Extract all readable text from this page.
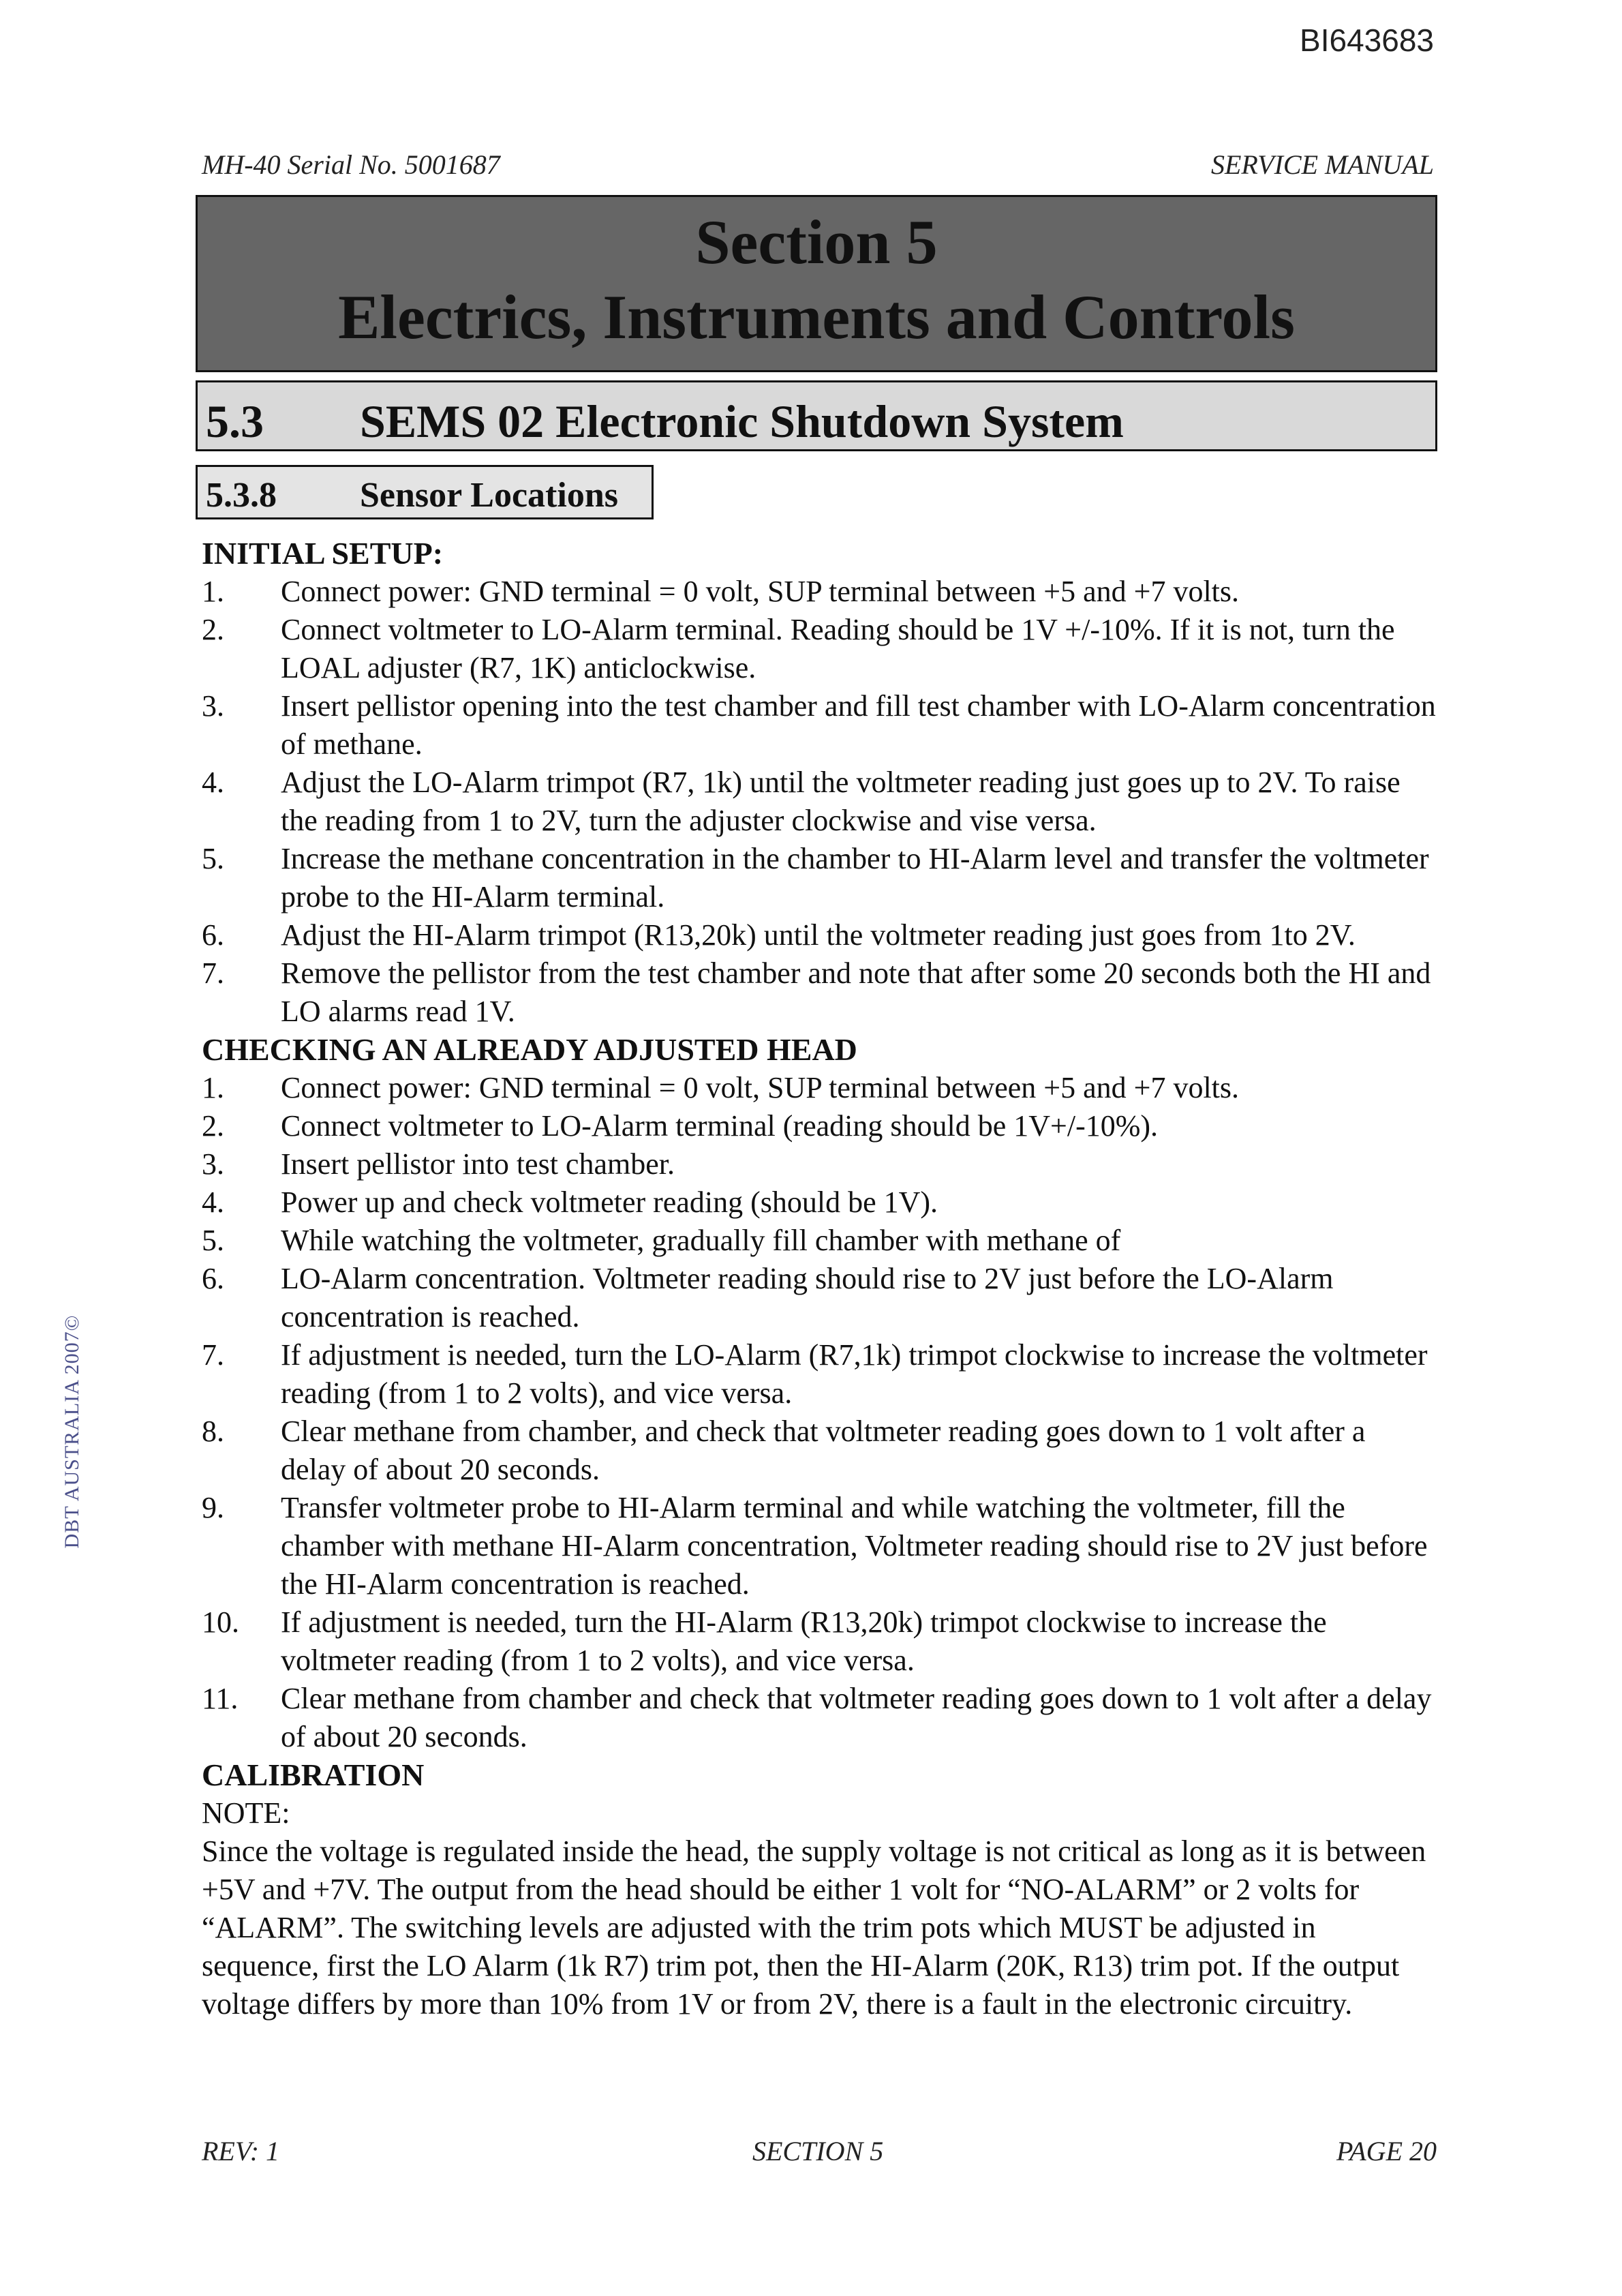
BI643683
MH-40 Serial No. 5001687	SERVICE MANUAL
Section 5
Electrics, Instruments and Controls
5.3 SEMS 02 Electronic Shutdown System
5.3.8 Sensor Locations
DBT AUSTRALIA 2007©
INITIAL SETUP:
1.	Connect power: GND terminal = 0 volt, SUP terminal between +5 and +7 volts.
2.	Connect voltmeter to LO-Alarm terminal. Reading should be 1V +/-10%. If it is not, turn the LOAL adjuster (R7, 1K) anticlockwise.
3.	Insert pellistor opening into the test chamber and fill test chamber with LO-Alarm concentration of methane.
4.	Adjust the LO-Alarm trimpot (R7, 1k) until the voltmeter reading just goes up to 2V. To raise the reading from 1 to 2V, turn the adjuster clockwise and vise versa.
5.	Increase the methane concentration in the chamber to HI-Alarm level and transfer the voltmeter probe to the HI-Alarm terminal.
6.	Adjust the HI-Alarm trimpot (R13,20k) until the voltmeter reading just goes from 1to 2V.
7.	Remove the pellistor from the test chamber and note that after some 20 seconds both the HI and LO alarms read 1V.
CHECKING AN ALREADY ADJUSTED HEAD
1.	Connect power: GND terminal = 0 volt, SUP terminal between +5 and +7 volts.
2.	Connect voltmeter to LO-Alarm terminal (reading should be 1V+/-10%).
3.	Insert pellistor into test chamber.
4.	Power up and check voltmeter reading (should be 1V).
5.	While watching the voltmeter, gradually fill chamber with methane of
6.	LO-Alarm concentration. Voltmeter reading should rise to 2V just before the LO-Alarm concentration is reached.
7.	If adjustment is needed, turn the LO-Alarm (R7,1k) trimpot clockwise to increase the voltmeter reading (from 1 to 2 volts), and vice versa.
8.	Clear methane from chamber, and check that voltmeter reading goes down to 1 volt after a delay of about 20 seconds.
9.	Transfer voltmeter probe to HI-Alarm terminal and while watching the voltmeter, fill the chamber with methane HI-Alarm concentration, Voltmeter reading should rise to 2V just before the HI-Alarm concentration is reached.
10.	If adjustment is needed, turn the HI-Alarm (R13,20k) trimpot clockwise to increase the voltmeter reading (from 1 to 2 volts), and vice versa.
11.	Clear methane from chamber and check that voltmeter reading goes down to 1 volt after a delay of about 20 seconds.
CALIBRATION
NOTE:

Since the voltage is regulated inside the head, the supply voltage is not critical as long as it is between +5V and +7V. The output from the head should be either 1 volt for “NO-ALARM” or 2 volts for “ALARM”. The switching levels are adjusted with the trim pots which MUST be adjusted in sequence, first the LO Alarm (1k R7) trim pot, then the HI-Alarm (20K, R13) trim pot. If the output voltage differs by more than 10% from 1V or from 2V, there is a fault in the electronic circuitry.

REV: 1	SECTION 5	PAGE 20
